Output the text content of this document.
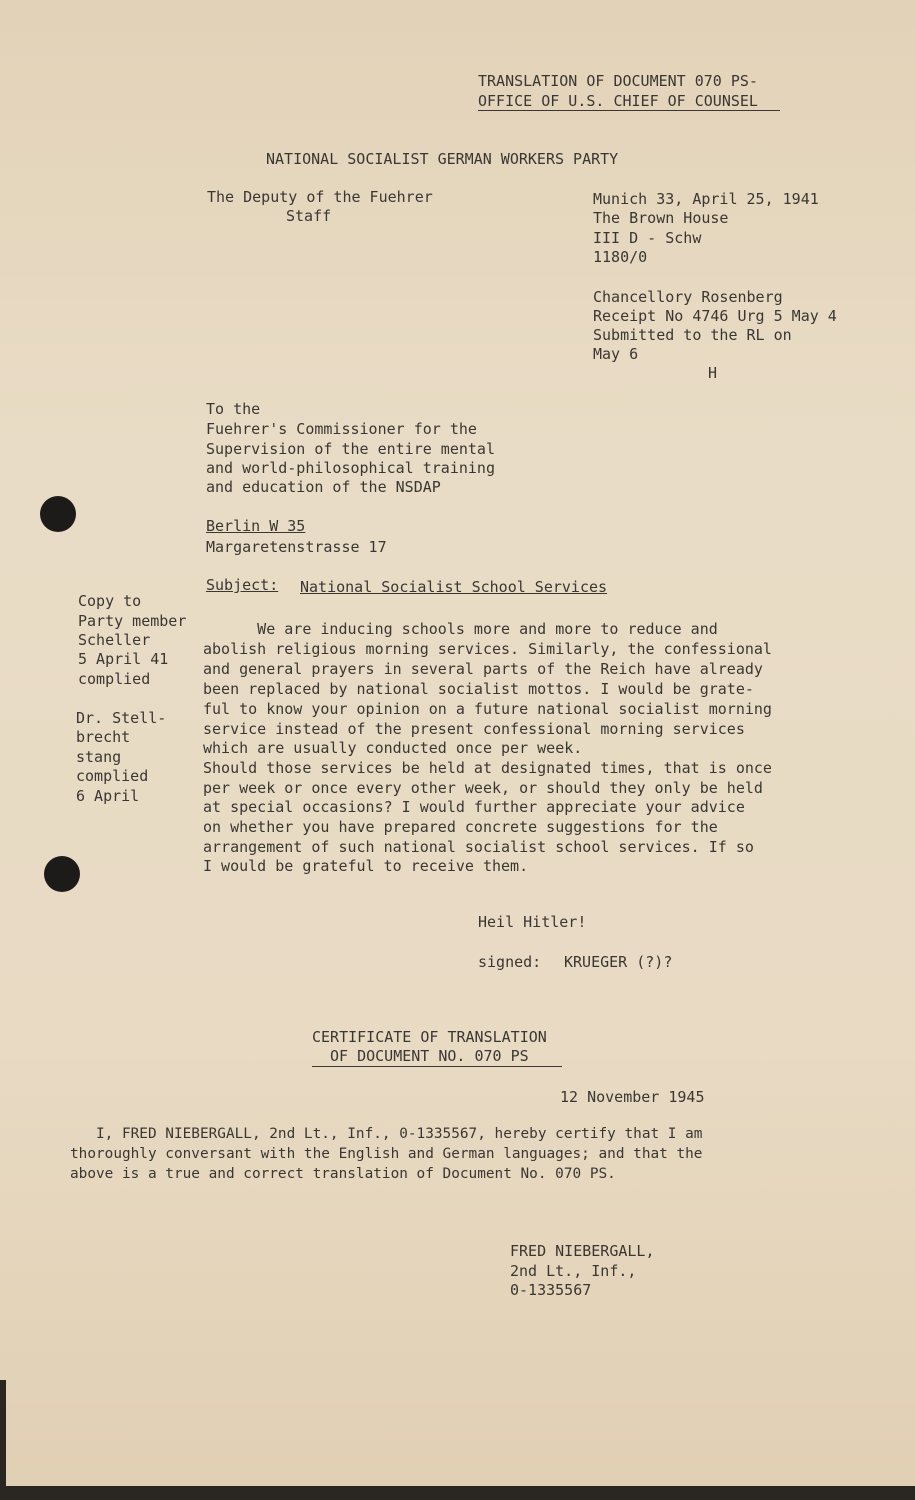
TRANSLATION OF DOCUMENT 070 PS-
OFFICE OF U.S. CHIEF OF COUNSEL
NATIONAL SOCIALIST GERMAN WORKERS PARTY
The Deputy of the Fuehrer
Staff
Munich 33, April 25, 1941
The Brown House
III D - Schw
1180/0
Chancellory Rosenberg
Receipt No 4746 Urg 5 May 4
Submitted to the RL on
May 6
H
To the
Fuehrer's Commissioner for the
Supervision of the entire mental
and world-philosophical training
and education of the NSDAP
Berlin W 35
Margaretenstrasse 17
Subject: National Socialist School Services
Copy to
Party member
Scheller
5 April 41
complied
Dr. Stell-
brecht
stang
complied
6 April
We are inducing schools more and more to reduce and
abolish religious morning services. Similarly, the confessional
and general prayers in several parts of the Reich have already
been replaced by national socialist mottos. I would be grate-
ful to know your opinion on a future national socialist morning
service instead of the present confessional morning services
which are usually conducted once per week.
Should those services be held at designated times, that is once
per week or once every other week, or should they only be held
at special occasions? I would further appreciate your advice
on whether you have prepared concrete suggestions for the
arrangement of such national socialist school services. If so
I would be grateful to receive them.
Heil Hitler!
signed: KRUEGER (?)?
CERTIFICATE OF TRANSLATION
OF DOCUMENT NO. 070 PS
12 November 1945
I, FRED NIEBERGALL, 2nd Lt., Inf., 0-1335567, hereby certify that I am
thoroughly conversant with the English and German languages; and that the
above is a true and correct translation of Document No. 070 PS.
FRED NIEBERGALL,
2nd Lt., Inf.,
0-1335567
